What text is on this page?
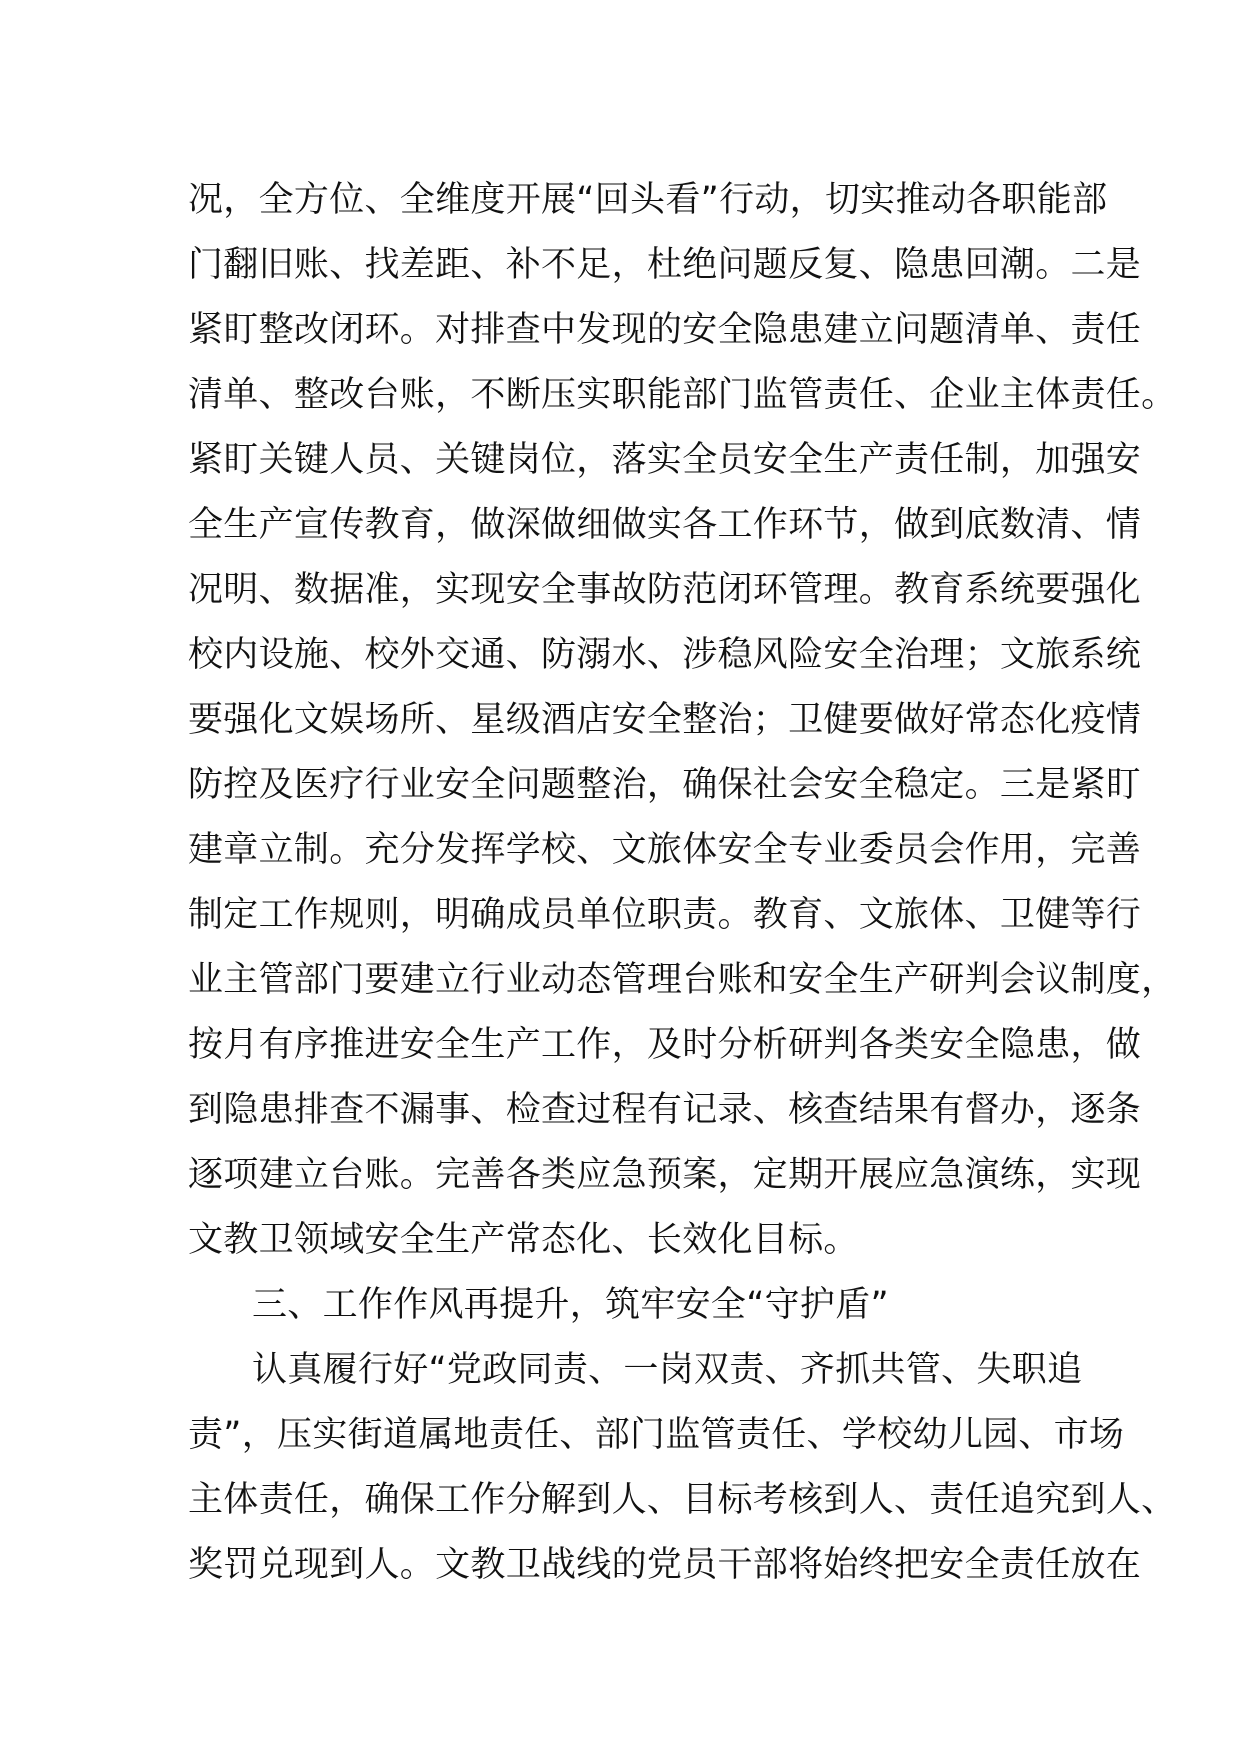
况，全方位、全维度开展“回头看”行动，切实推动各职能部
门翻旧账、找差距、补不足，杜绝问题反复、隐患回潮。二是
紧盯整改闭环。对排查中发现的安全隐患建立问题清单、责任
清单、整改台账，不断压实职能部门监管责任、企业主体责任。
紧盯关键人员、关键岗位，落实全员安全生产责任制，加强安
全生产宣传教育，做深做细做实各工作环节，做到底数清、情
况明、数据准，实现安全事故防范闭环管理。教育系统要强化
校内设施、校外交通、防溺水、涉稳风险安全治理；文旅系统
要强化文娱场所、星级酒店安全整治；卫健要做好常态化疫情
防控及医疗行业安全问题整治，确保社会安全稳定。三是紧盯
建章立制。充分发挥学校、文旅体安全专业委员会作用，完善
制定工作规则，明确成员单位职责。教育、文旅体、卫健等行
业主管部门要建立行业动态管理台账和安全生产研判会议制度，
按月有序推进安全生产工作，及时分析研判各类安全隐患，做
到隐患排查不漏事、检查过程有记录、核查结果有督办，逐条
逐项建立台账。完善各类应急预案，定期开展应急演练，实现
文教卫领域安全生产常态化、长效化目标。
三、工作作风再提升，筑牢安全“守护盾”
认真履行好“党政同责、一岗双责、齐抓共管、失职追
责”，压实街道属地责任、部门监管责任、学校幼儿园、市场
主体责任，确保工作分解到人、目标考核到人、责任追究到人、
奖罚兑现到人。文教卫战线的党员干部将始终把安全责任放在
